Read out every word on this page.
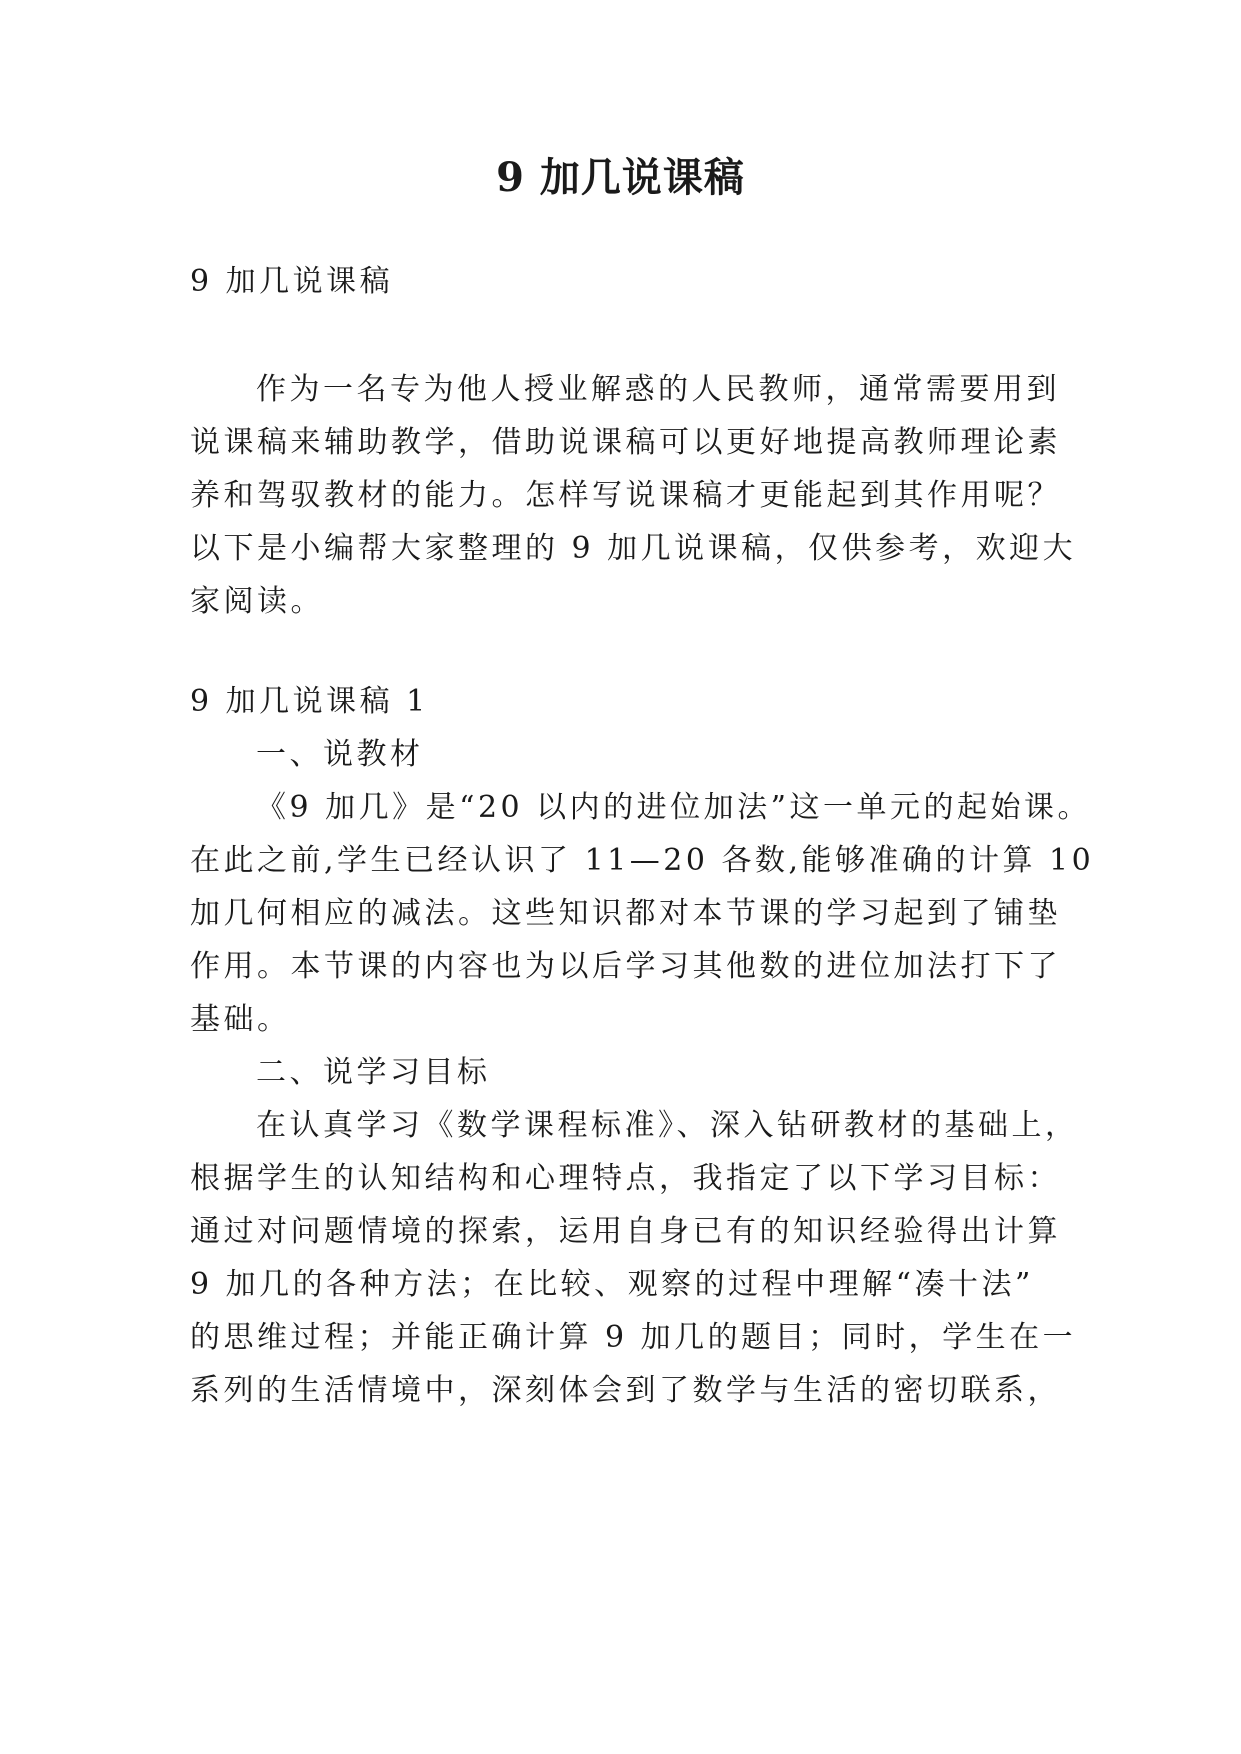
9 加几说课稿
9 加几说课稿
作为一名专为他人授业解惑的人民教师，通常需要用到
说课稿来辅助教学，借助说课稿可以更好地提高教师理论素
养和驾驭教材的能力。怎样写说课稿才更能起到其作用呢？
以下是小编帮大家整理的 9 加几说课稿，仅供参考，欢迎大
家阅读。
9 加几说课稿 1
一、说教材
《9 加几》是“20 以内的进位加法”这一单元的起始课。
在此之前,学生已经认识了 11—20 各数,能够准确的计算 10
加几何相应的减法。这些知识都对本节课的学习起到了铺垫
作用。本节课的内容也为以后学习其他数的进位加法打下了
基础。
二、说学习目标
在认真学习《数学课程标准》、深入钻研教材的基础上，
根据学生的认知结构和心理特点，我指定了以下学习目标：
通过对问题情境的探索，运用自身已有的知识经验得出计算
9 加几的各种方法；在比较、观察的过程中理解“凑十法”
的思维过程；并能正确计算 9 加几的题目；同时，学生在一
系列的生活情境中，深刻体会到了数学与生活的密切联系，
